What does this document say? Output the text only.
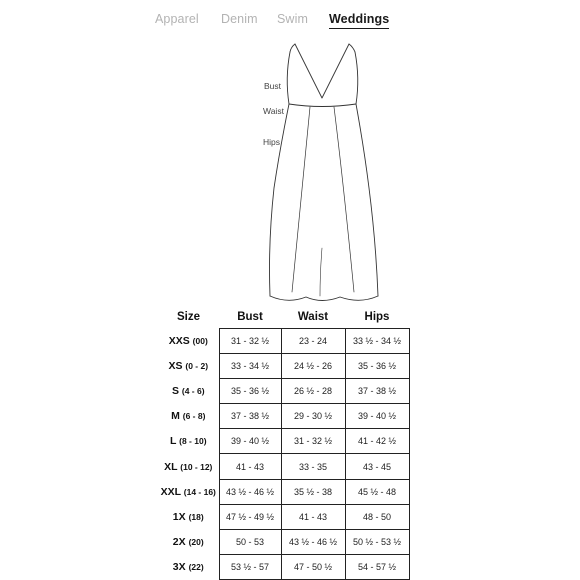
Apparel Denim Swim Weddings
Bust
Waist
Hips
Size	Bust	Waist	Hips
XXS (00)	31 - 32 ½	23 - 24	33 ½ - 34 ½
XS (0 - 2)	33 - 34 ½	24 ½ - 26	35 - 36 ½
S (4 - 6)	35 - 36 ½	26 ½ - 28	37 - 38 ½
M (6 - 8)	37 - 38 ½	29 - 30 ½	39 - 40 ½
L (8 - 10)	39 - 40 ½	31 - 32 ½	41 - 42 ½
XL (10 - 12)	41 - 43	33 - 35	43 - 45
XXL (14 - 16)	43 ½ - 46 ½	35 ½ - 38	45 ½ - 48
1X (18)	47 ½ - 49 ½	41 - 43	48 - 50
2X (20)	50 - 53	43 ½ - 46 ½	50 ½ - 53 ½
3X (22)	53 ½ - 57	47 - 50 ½	54 - 57 ½
